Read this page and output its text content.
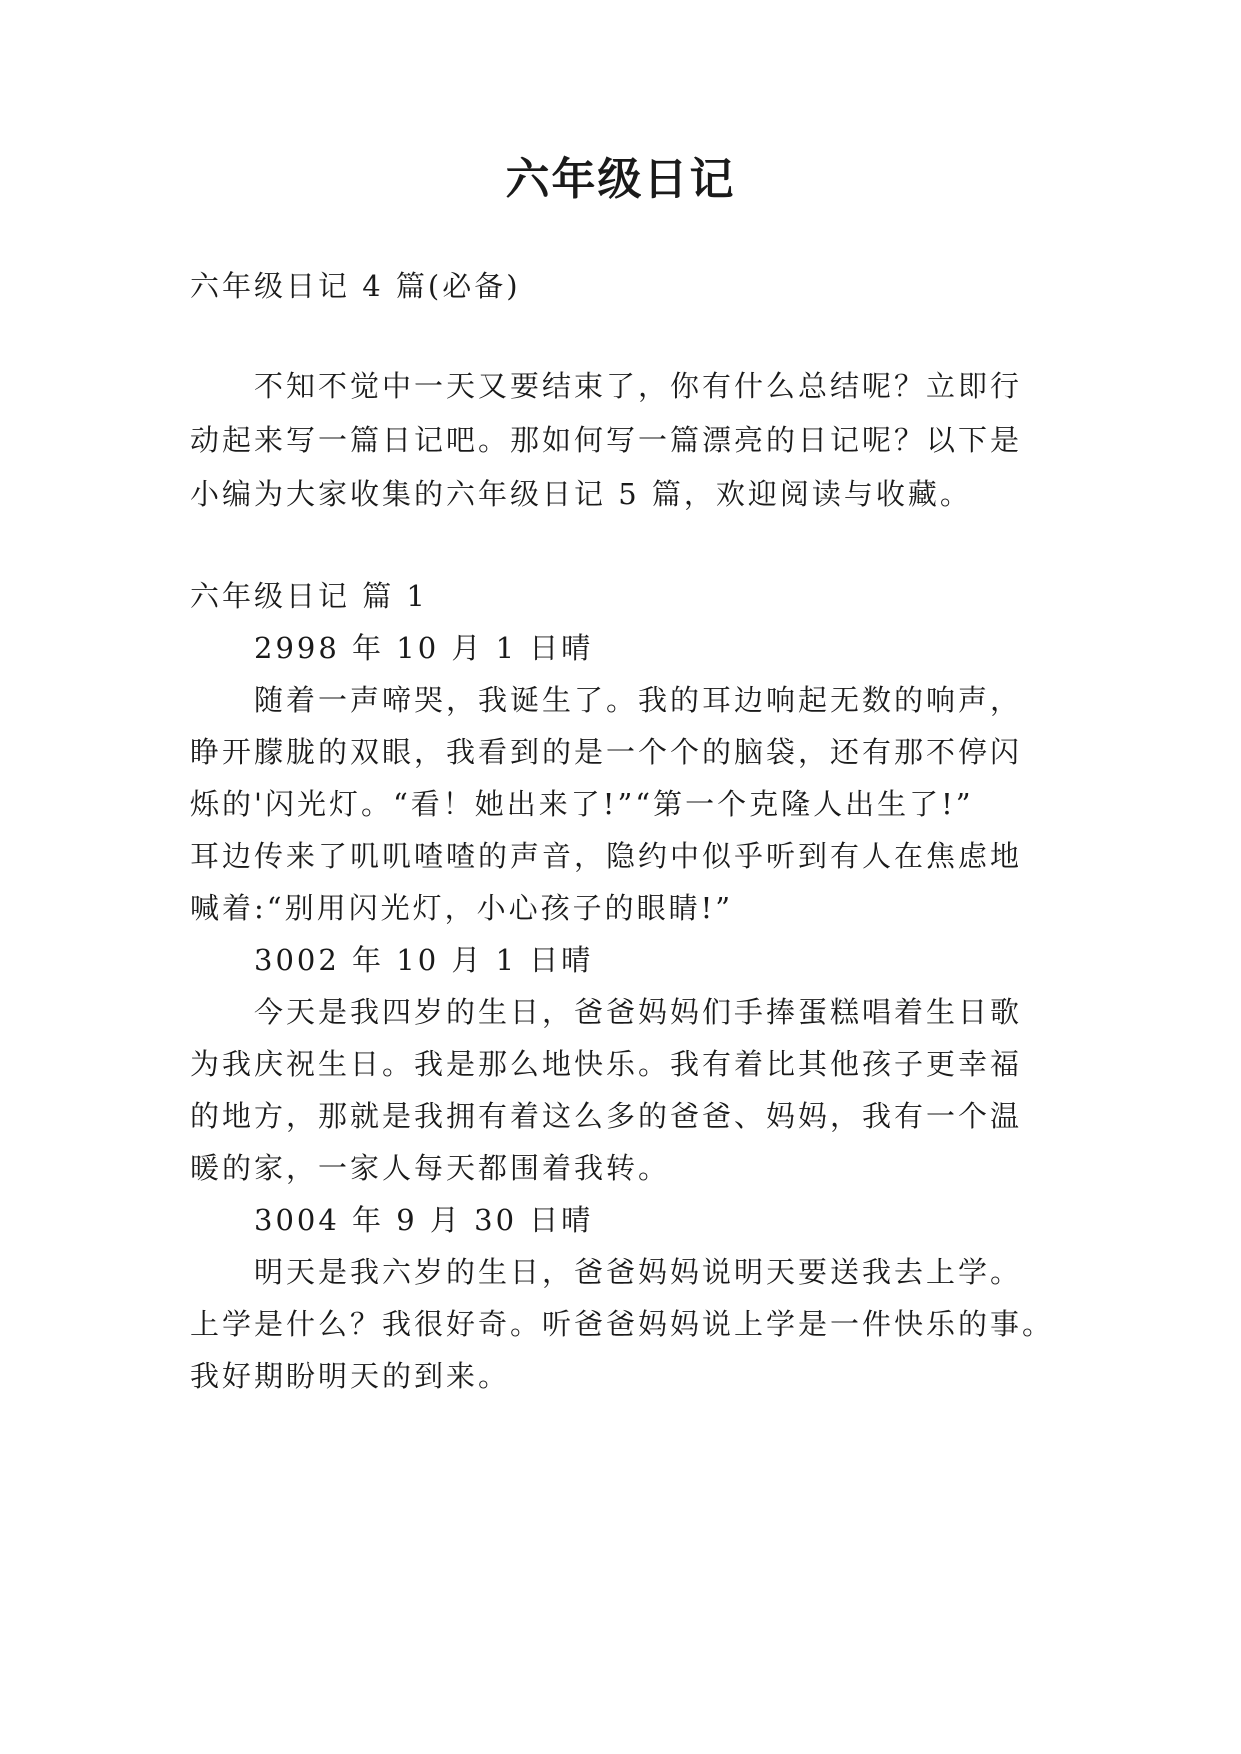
六年级日记

六年级日记 4 篇(必备)

不知不觉中一天又要结束了，你有什么总结呢？立即行

动起来写一篇日记吧。那如何写一篇漂亮的日记呢？以下是

小编为大家收集的六年级日记 5 篇，欢迎阅读与收藏。

六年级日记 篇 1

2998 年 10 月 1 日晴

随着一声啼哭，我诞生了。我的耳边响起无数的响声，

睁开朦胧的双眼，我看到的是一个个的脑袋，还有那不停闪

烁的'闪光灯。“看！她出来了!”“第一个克隆人出生了!”

耳边传来了叽叽喳喳的声音，隐约中似乎听到有人在焦虑地

喊着:“别用闪光灯，小心孩子的眼睛!”

3002 年 10 月 1 日晴

今天是我四岁的生日，爸爸妈妈们手捧蛋糕唱着生日歌

为我庆祝生日。我是那么地快乐。我有着比其他孩子更幸福

的地方，那就是我拥有着这么多的爸爸、妈妈，我有一个温

暖的家，一家人每天都围着我转。

3004 年 9 月 30 日晴

明天是我六岁的生日，爸爸妈妈说明天要送我去上学。

上学是什么？我很好奇。听爸爸妈妈说上学是一件快乐的事。

我好期盼明天的到来。
